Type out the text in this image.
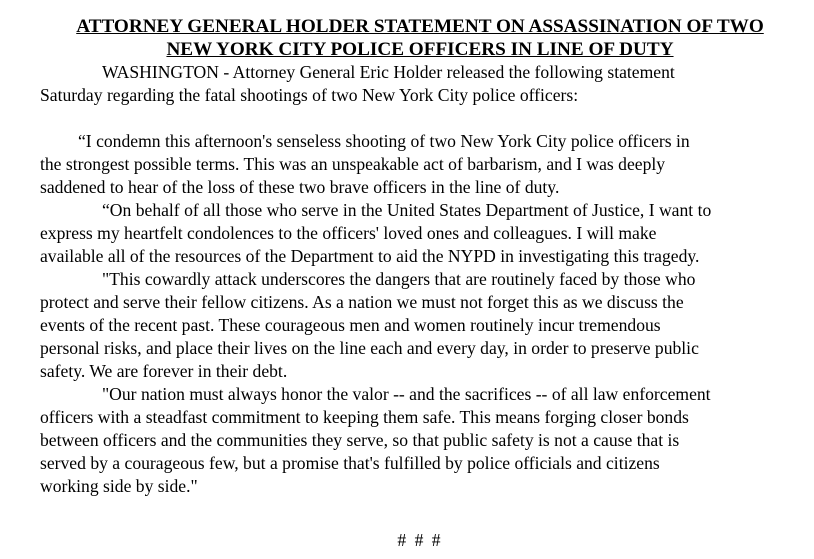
ATTORNEY GENERAL HOLDER STATEMENT ON ASSASSINATION OF TWO
NEW YORK CITY POLICE OFFICERS IN LINE OF DUTY

WASHINGTON - Attorney General Eric Holder released the following statement
Saturday regarding the fatal shootings of two New York City police officers:

“I condemn this afternoon's senseless shooting of two New York City police officers in
the strongest possible terms. This was an unspeakable act of barbarism, and I was deeply
saddened to hear of the loss of these two brave officers in the line of duty.

“On behalf of all those who serve in the United States Department of Justice, I want to
express my heartfelt condolences to the officers' loved ones and colleagues. I will make
available all of the resources of the Department to aid the NYPD in investigating this tragedy.

"This cowardly attack underscores the dangers that are routinely faced by those who
protect and serve their fellow citizens. As a nation we must not forget this as we discuss the
events of the recent past. These courageous men and women routinely incur tremendous
personal risks, and place their lives on the line each and every day, in order to preserve public
safety. We are forever in their debt.

"Our nation must always honor the valor -- and the sacrifices -- of all law enforcement
officers with a steadfast commitment to keeping them safe. This means forging closer bonds
between officers and the communities they serve, so that public safety is not a cause that is
served by a courageous few, but a promise that's fulfilled by police officials and citizens
working side by side."

# # #
